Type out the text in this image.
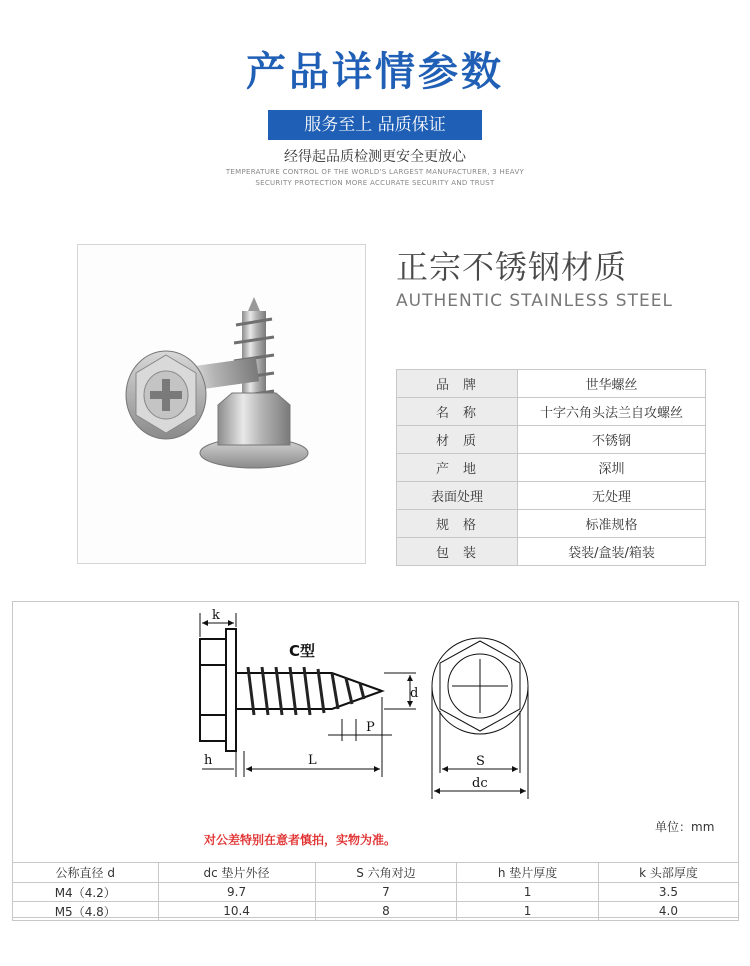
产品详情参数
服务至上 品质保证
经得起品质检测更安全更放心
TEMPERATURE CONTROL OF THE WORLD'S LARGEST MANUFACTURER, 3 HEAVY
SECURITY PROTECTION MORE ACCURATE SECURITY AND TRUST
正宗不锈钢材质
AUTHENTIC STAINLESS STEEL
品牌	世华螺丝
名称	十字六角头法兰自攻螺丝
材质	不锈钢
产地	深圳
表面处理	无处理
规格	标准规格
包装	袋装/盒装/箱装
k
h	L
P
d
S
dc
C型
单位：mm
对公差特别在意者慎拍，实物为准。
公称直径 d	dc 垫片外径	S 六角对边	h 垫片厚度	k 头部厚度
M4（4.2）	9.7	7	1	3.5
M5（4.8）	10.4	8	1	4.0
